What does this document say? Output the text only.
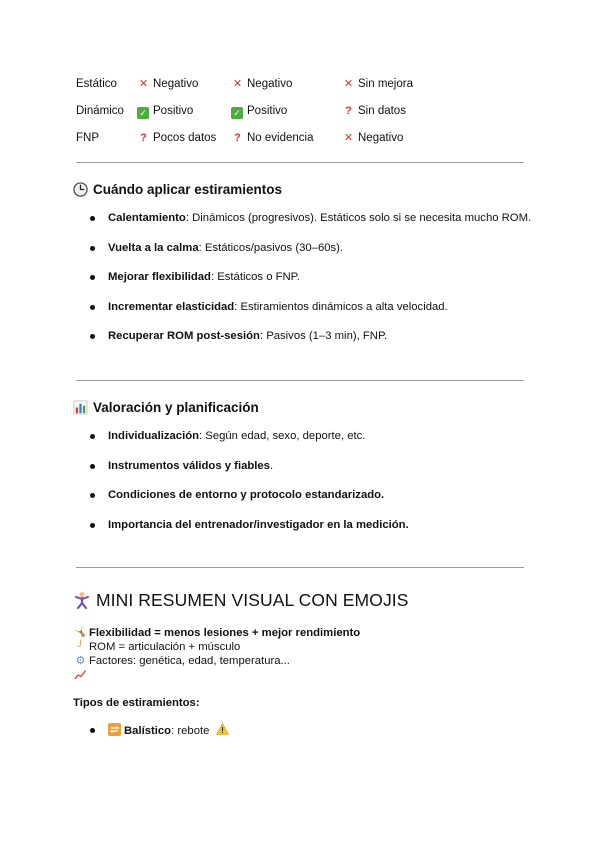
Estático ✕ Negativo	✕ Negativo	✕ Sin mejora
Dinámico ✓ Positivo	✓ Positivo	? Sin datos
FNP	? Pocos datos ? No evidencia	✕ Negativo
Cuándo aplicar estiramientos
Calentamiento: Dinámicos (progresivos). Estáticos solo si se necesita mucho ROM.
Vuelta a la calma: Estáticos/pasivos (30–60s).
Mejorar flexibilidad: Estáticos o FNP.
Incrementar elasticidad: Estiramientos dinámicos a alta velocidad.
Recuperar ROM post-sesión: Pasivos (1–3 min), FNP.
Valoración y planificación
Individualización: Según edad, sexo, deporte, etc.
Instrumentos válidos y fiables.
Condiciones de entorno y protocolo estandarizado.
Importancia del entrenador/investigador en la medición.
MINI RESUMEN VISUAL CON EMOJIS
🤸Flexibilidad = menos lesiones + mejor rendimiento
╯ ROM = articulación + músculo
⚙ Factores: genética, edad, temperatura...
Tipos de estiramientos:
Balístico: rebote
